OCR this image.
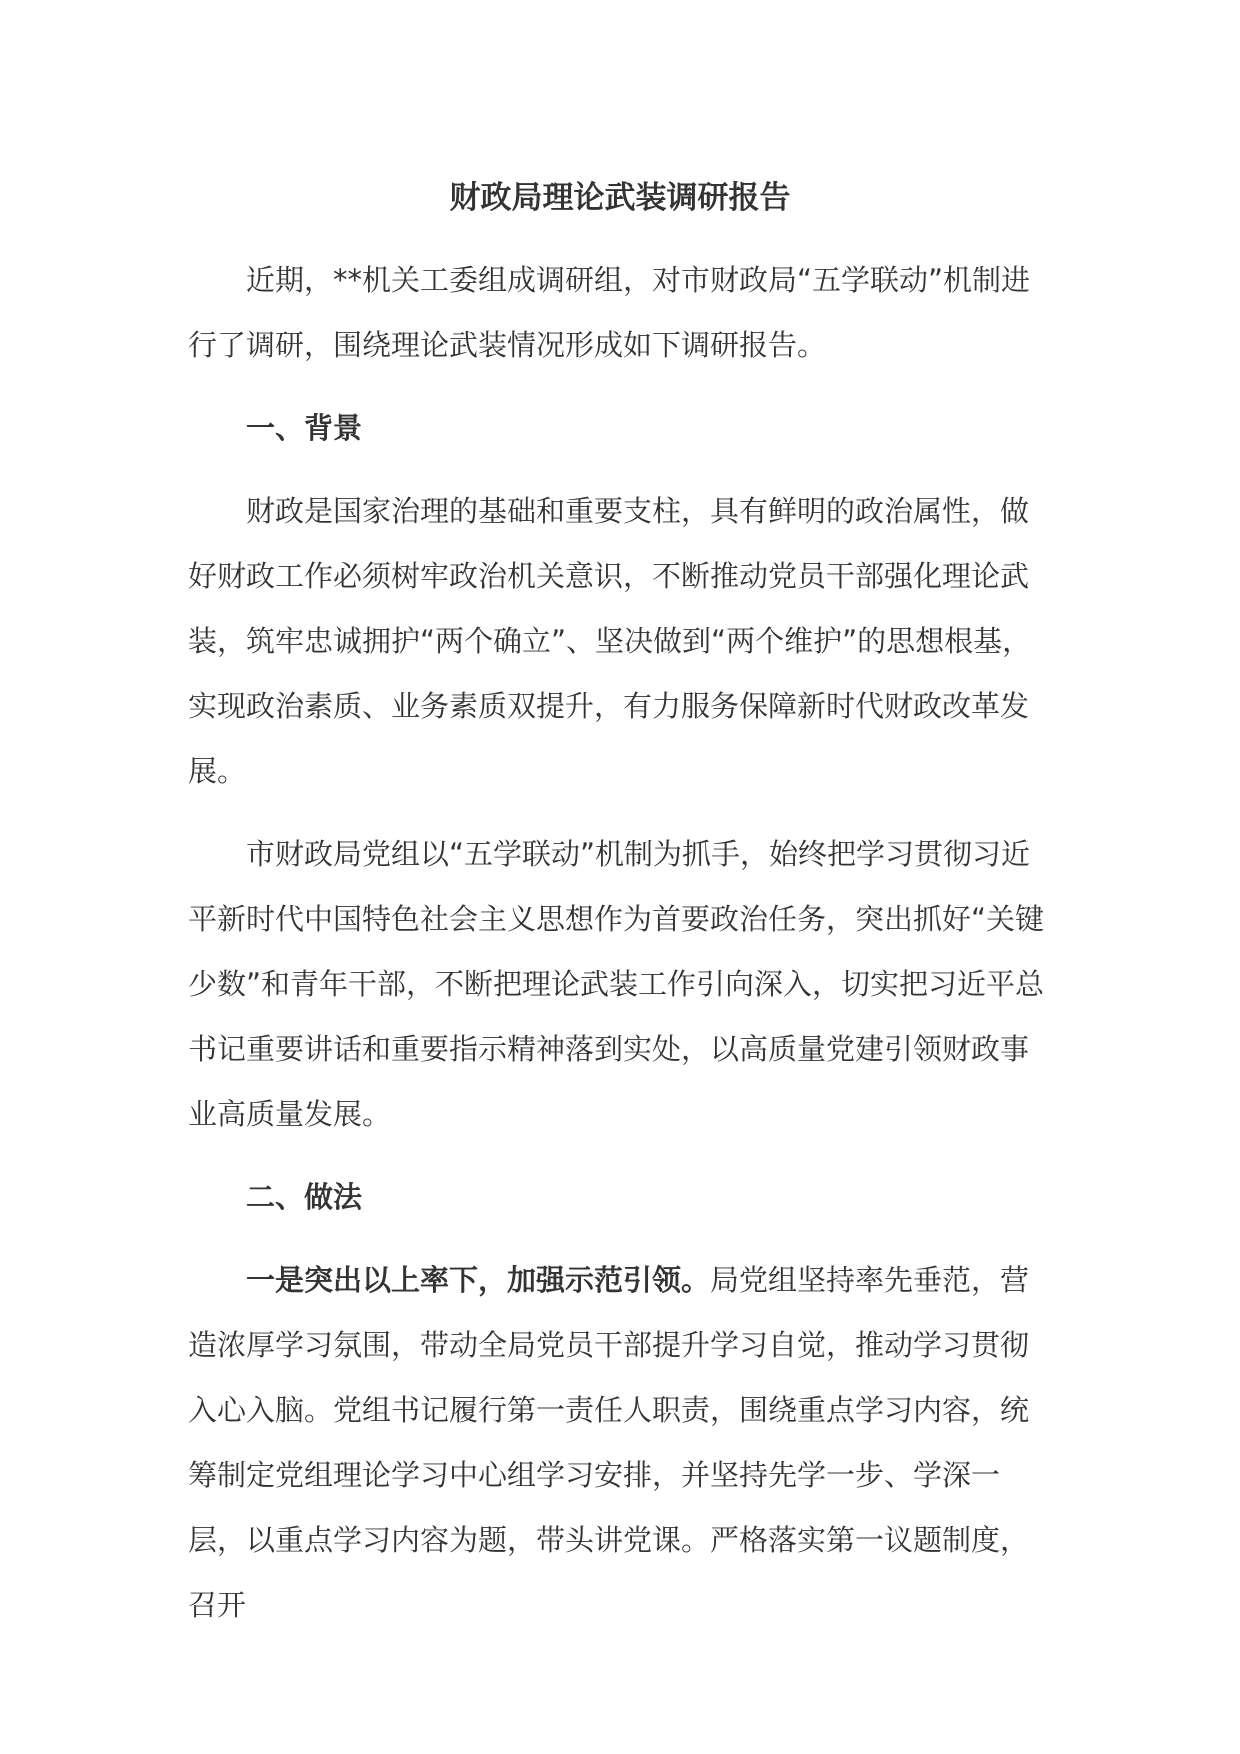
财政局理论武装调研报告

近期，**机关工委组成调研组，对市财政局“五学联动”机制进行了调研，围绕理论武装情况形成如下调研报告。

一、背景

财政是国家治理的基础和重要支柱，具有鲜明的政治属性，做好财政工作必须树牢政治机关意识，不断推动党员干部强化理论武装，筑牢忠诚拥护“两个确立”、坚决做到“两个维护”的思想根基，实现政治素质、业务素质双提升，有力服务保障新时代财政改革发展。

市财政局党组以“五学联动”机制为抓手，始终把学习贯彻习近平新时代中国特色社会主义思想作为首要政治任务，突出抓好“关键少数”和青年干部，不断把理论武装工作引向深入，切实把习近平总书记重要讲话和重要指示精神落到实处，以高质量党建引领财政事业高质量发展。

二、做法

一是突出以上率下，加强示范引领。局党组坚持率先垂范，营造浓厚学习氛围，带动全局党员干部提升学习自觉，推动学习贯彻入心入脑。党组书记履行第一责任人职责，围绕重点学习内容，统筹制定党组理论学习中心组学习安排，并坚持先学一步、学深一层，以重点学习内容为题，带头讲党课。严格落实第一议题制度，召开
